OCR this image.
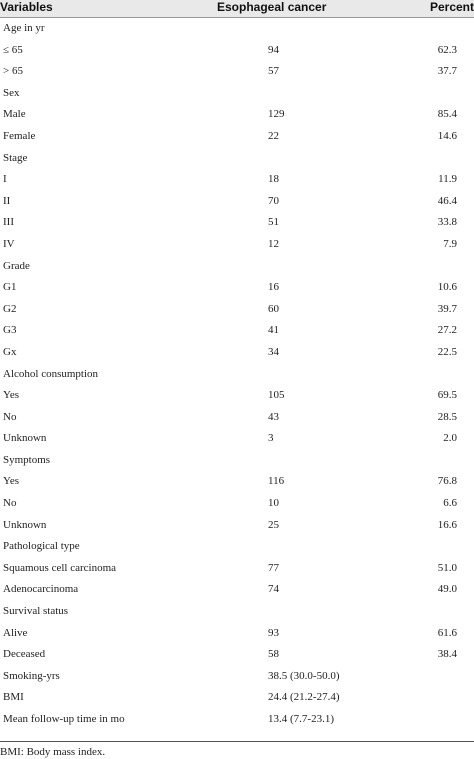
Variables	Esophageal cancer	Percent
Age in yr
≤ 65	94	62.3
> 65	57	37.7
Sex
Male	129	85.4
Female	22	14.6
Stage
I	18	11.9
II	70	46.4
III	51	33.8
IV	12	7.9
Grade
G1	16	10.6
G2	60	39.7
G3	41	27.2
Gx	34	22.5
Alcohol consumption
Yes	105	69.5
No	43	28.5
Unknown	3	2.0
Symptoms
Yes	116	76.8
No	10	6.6
Unknown	25	16.6
Pathological type
Squamous cell carcinoma	77	51.0
Adenocarcinoma	74	49.0
Survival status
Alive	93	61.6
Deceased	58	38.4
Smoking-yrs	38.5 (30.0-50.0)
BMI	24.4 (21.2-27.4)
Mean follow-up time in mo	13.4 (7.7-23.1)
BMI: Body mass index.
